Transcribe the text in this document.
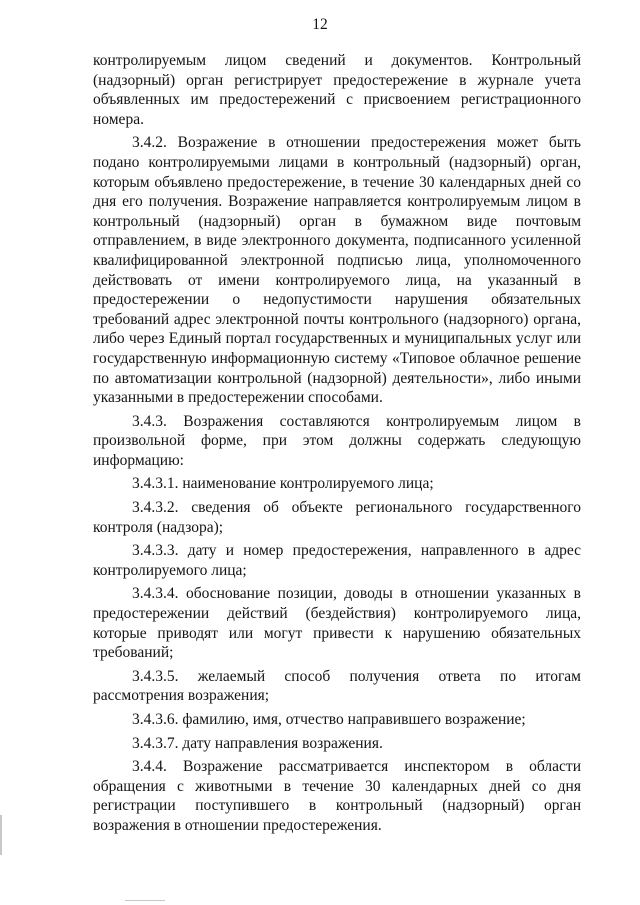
12

контролируемым лицом сведений и документов. Контрольный (надзорный) орган регистрирует предостережение в журнале учета объявленных им предостережений с присвоением регистрационного номера.

3.4.2. Возражение в отношении предостережения может быть подано контролируемыми лицами в контрольный (надзорный) орган, которым объявлено предостережение, в течение 30 календарных дней со дня его получения. Возражение направляется контролируемым лицом в контрольный (надзорный) орган в бумажном виде почтовым отправлением, в виде электронного документа, подписанного усиленной квалифицированной электронной подписью лица, уполномоченного действовать от имени контролируемого лица, на указанный в предостережении о недопустимости нарушения обязательных требований адрес электронной почты контрольного (надзорного) органа, либо через Единый портал государственных и муниципальных услуг или государственную информационную систему «Типовое облачное решение по автоматизации контрольной (надзорной) деятельности», либо иными указанными в предостережении способами.

3.4.3. Возражения составляются контролируемым лицом в произвольной форме, при этом должны содержать следующую информацию:

3.4.3.1. наименование контролируемого лица;

3.4.3.2. сведения об объекте регионального государственного контроля (надзора);

3.4.3.3. дату и номер предостережения, направленного в адрес контролируемого лица;

3.4.3.4. обоснование позиции, доводы в отношении указанных в предостережении действий (бездействия) контролируемого лица, которые приводят или могут привести к нарушению обязательных требований;

3.4.3.5. желаемый способ получения ответа по итогам рассмотрения возражения;

3.4.3.6. фамилию, имя, отчество направившего возражение;

3.4.3.7. дату направления возражения.

3.4.4. Возражение рассматривается инспектором в области обращения с животными в течение 30 календарных дней со дня регистрации поступившего в контрольный (надзорный) орган возражения в отношении предостережения.
